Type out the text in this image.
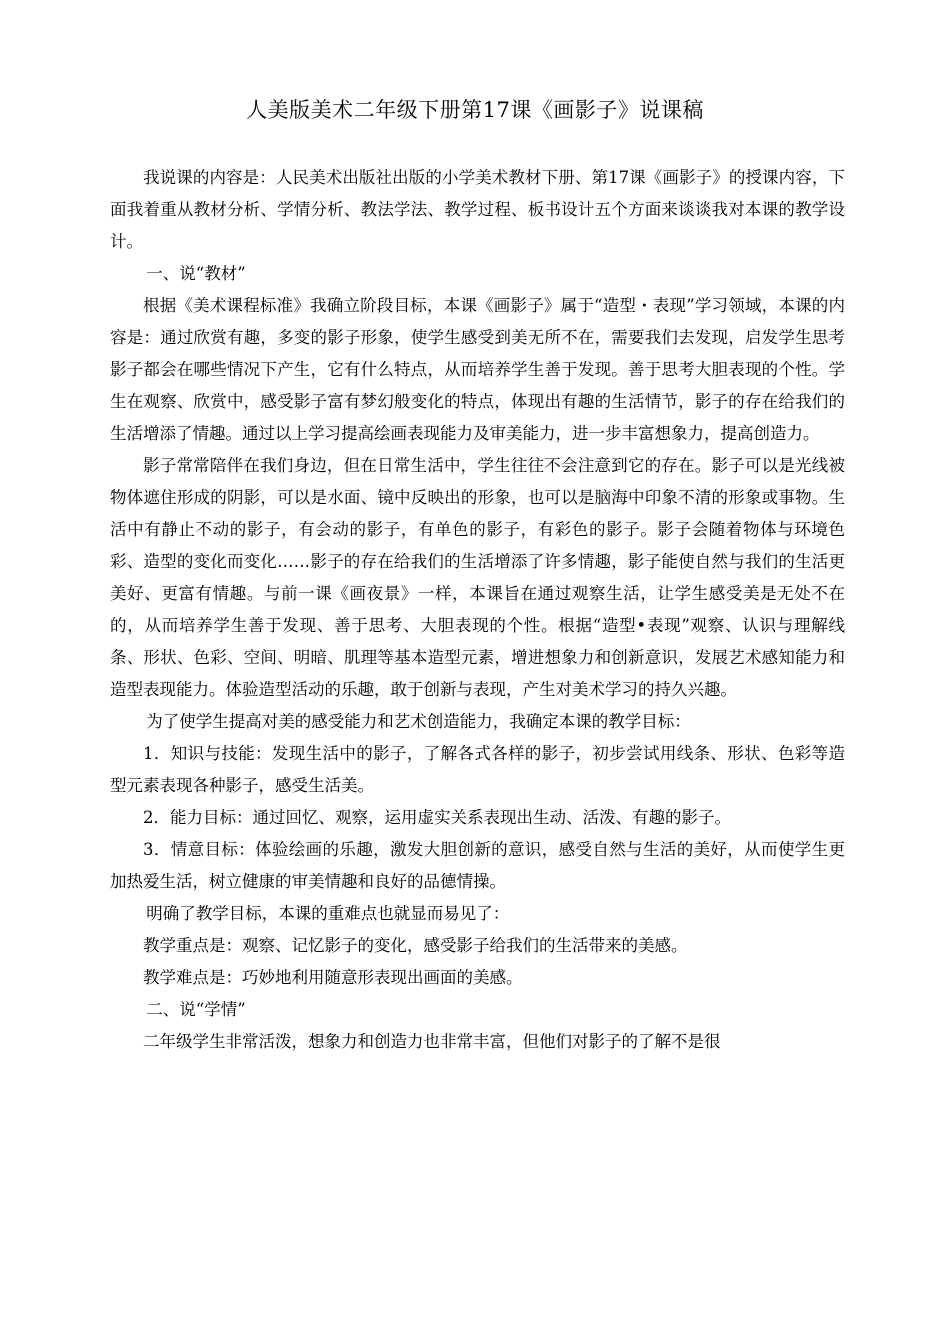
人美版美术二年级下册第17课《画影子》说课稿

我说课的内容是：人民美术出版社出版的小学美术教材下册、第17课《画影子》的授课内容，下面我着重从教材分析、学情分析、教法学法、教学过程、板书设计五个方面来谈谈我对本课的教学设计。

一、说“教材”

根据《美术课程标准》我确立阶段目标，本课《画影子》属于“造型・表现”学习领域，本课的内容是：通过欣赏有趣，多变的影子形象，使学生感受到美无所不在，需要我们去发现，启发学生思考影子都会在哪些情况下产生，它有什么特点，从而培养学生善于发现。善于思考大胆表现的个性。学生在观察、欣赏中，感受影子富有梦幻般变化的特点，体现出有趣的生活情节，影子的存在给我们的生活增添了情趣。通过以上学习提高绘画表现能力及审美能力，进一步丰富想象力，提高创造力。

影子常常陪伴在我们身边，但在日常生活中，学生往往不会注意到它的存在。影子可以是光线被物体遮住形成的阴影，可以是水面、镜中反映出的形象，也可以是脑海中印象不清的形象或事物。生活中有静止不动的影子，有会动的影子，有单色的影子，有彩色的影子。影子会随着物体与环境色彩、造型的变化而变化……影子的存在给我们的生活增添了许多情趣，影子能使自然与我们的生活更美好、更富有情趣。与前一课《画夜景》一样，本课旨在通过观察生活，让学生感受美是无处不在的，从而培养学生善于发现、善于思考、大胆表现的个性。根据“造型•表现”观察、认识与理解线条、形状、色彩、空间、明暗、肌理等基本造型元素，增进想象力和创新意识，发展艺术感知能力和造型表现能力。体验造型活动的乐趣，敢于创新与表现，产生对美术学习的持久兴趣。

为了使学生提高对美的感受能力和艺术创造能力，我确定本课的教学目标：

1．知识与技能：发现生活中的影子，了解各式各样的影子，初步尝试用线条、形状、色彩等造型元素表现各种影子，感受生活美。

2．能力目标：通过回忆、观察，运用虚实关系表现出生动、活泼、有趣的影子。

3．情意目标：体验绘画的乐趣，激发大胆创新的意识，感受自然与生活的美好，从而使学生更加热爱生活，树立健康的审美情趣和良好的品德情操。

明确了教学目标，本课的重难点也就显而易见了：

教学重点是：观察、记忆影子的变化，感受影子给我们的生活带来的美感。

教学难点是：巧妙地利用随意形表现出画面的美感。

二、说“学情”

二年级学生非常活泼，想象力和创造力也非常丰富，但他们对影子的了解不是很
